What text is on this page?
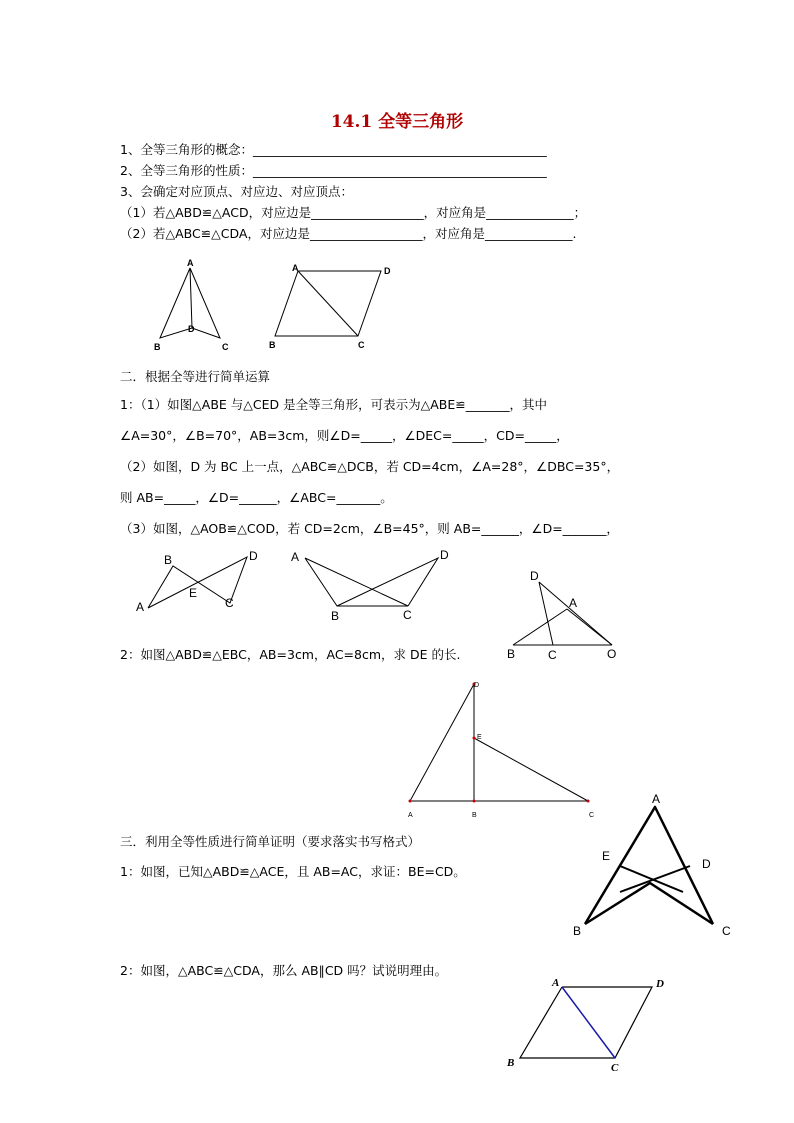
14.1 全等三角形
1、全等三角形的概念：_______________________________________________
2、全等三角形的性质：_______________________________________________
3、会确定对应顶点、对应边、对应顶点：
（1）若△ABD≌△ACD，对应边是__________________，对应角是______________；
（2）若△ABC≌△CDA，对应边是__________________，对应角是______________.
A
B
D
C
A	D
B	C
二．根据全等进行简单运算
1：（1）如图△ABE 与△CED 是全等三角形，可表示为△ABE≌_______，其中
∠A=30°，∠B=70°，AB=3cm，则∠D=_____，∠DEC=_____，CD=_____，
（2）如图，D 为 BC 上一点，△ABC≌△DCB，若 CD=4cm，∠A=28°，∠DBC=35°，
则 AB=_____，∠D=______，∠ABC=_______。
（3）如图，△AOB≌△COD，若 CD=2cm，∠B=45°，则 AB=______，∠D=_______，
B	D
E
A	C
A	D
B	C
D
A
B	C	O
2：如图△ABD≌△EBC，AB=3cm，AC=8cm，求 DE 的长.
D
E
A	B	C
三．利用全等性质进行简单证明（要求落实书写格式）
1：如图，已知△ABD≌△ACE，且 AB=AC，求证：BE=CD。
A
E
D
B	C
2：如图，△ABC≌△CDA，那么 AB∥CD 吗？试说明理由。
A	D
B	C
